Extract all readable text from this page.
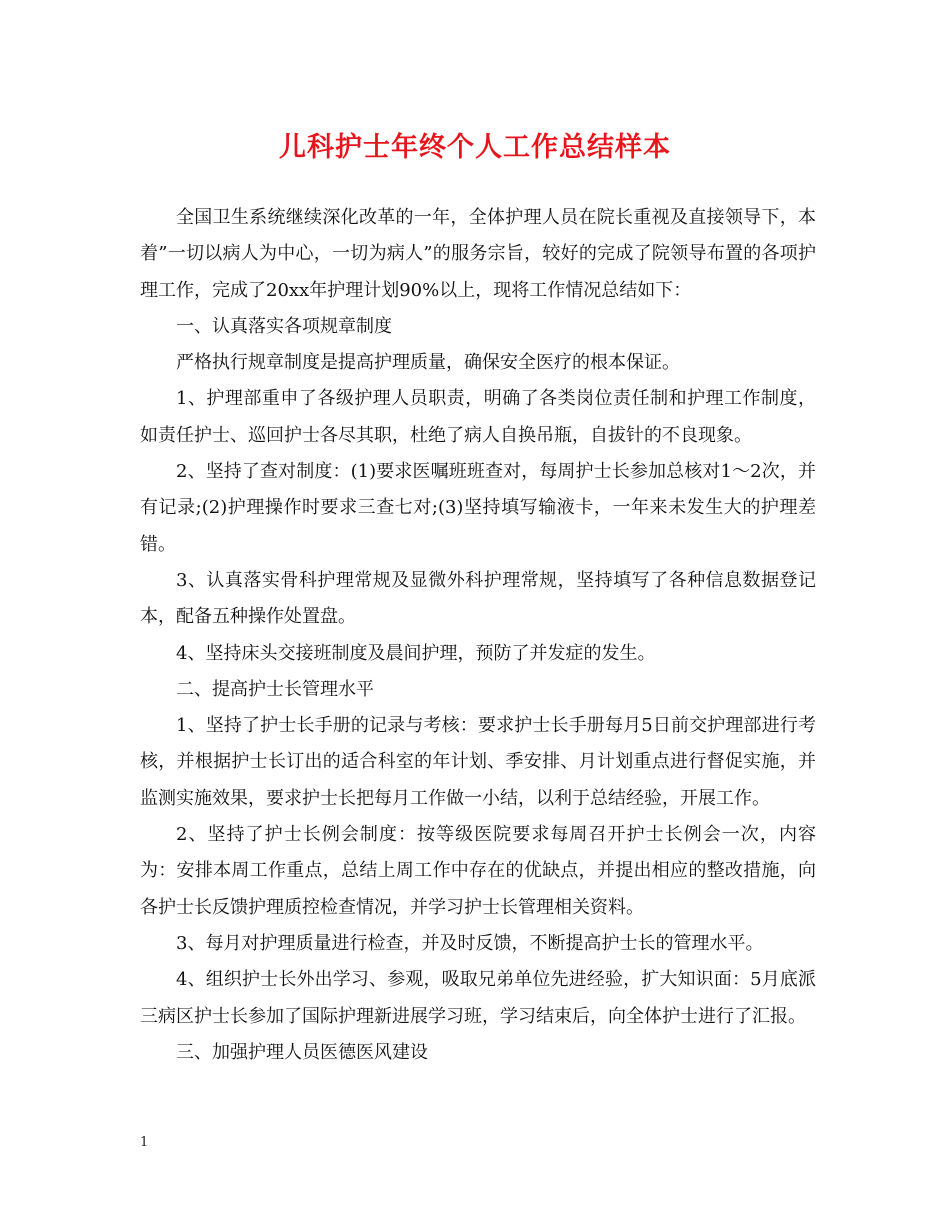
儿科护士年终个人工作总结样本

全国卫生系统继续深化改革的一年，全体护理人员在院长重视及直接领导下，本着”一切以病人为中心，一切为病人”的服务宗旨，较好的完成了院领导布置的各项护理工作，完成了20xx年护理计划90%以上，现将工作情况总结如下：

一、认真落实各项规章制度

严格执行规章制度是提高护理质量，确保安全医疗的根本保证。

1、护理部重申了各级护理人员职责，明确了各类岗位责任制和护理工作制度，如责任护士、巡回护士各尽其职，杜绝了病人自换吊瓶，自拔针的不良现象。

2、坚持了查对制度：(1)要求医嘱班班查对，每周护士长参加总核对1～2次，并有记录;(2)护理操作时要求三查七对;(3)坚持填写输液卡，一年来未发生大的护理差错。

3、认真落实骨科护理常规及显微外科护理常规，坚持填写了各种信息数据登记本，配备五种操作处置盘。

4、坚持床头交接班制度及晨间护理，预防了并发症的发生。

二、提高护士长管理水平

1、坚持了护士长手册的记录与考核：要求护士长手册每月5日前交护理部进行考核，并根据护士长订出的适合科室的年计划、季安排、月计划重点进行督促实施，并监测实施效果，要求护士长把每月工作做一小结，以利于总结经验，开展工作。

2、坚持了护士长例会制度：按等级医院要求每周召开护士长例会一次，内容为：安排本周工作重点，总结上周工作中存在的优缺点，并提出相应的整改措施，向各护士长反馈护理质控检查情况，并学习护士长管理相关资料。

3、每月对护理质量进行检查，并及时反馈，不断提高护士长的管理水平。

4、组织护士长外出学习、参观，吸取兄弟单位先进经验，扩大知识面：5月底派三病区护士长参加了国际护理新进展学习班，学习结束后，向全体护士进行了汇报。

三、加强护理人员医德医风建设

1
